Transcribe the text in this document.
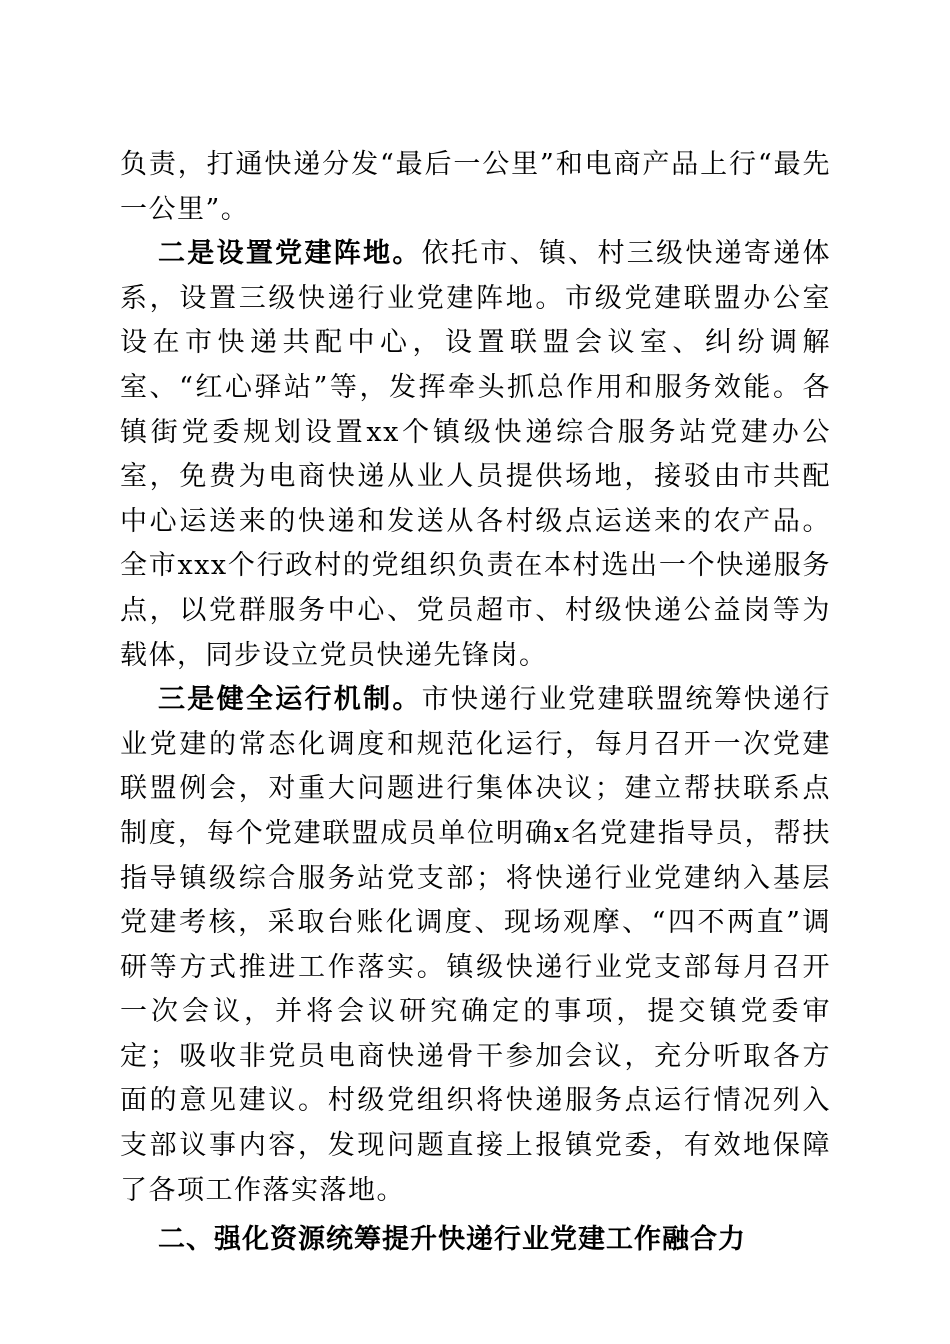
负责，打通快递分发“最后一公里”和电商产品上行“最先一公里”。

二是设置党建阵地。依托市、镇、村三级快递寄递体系，设置三级快递行业党建阵地。市级党建联盟办公室设在市快递共配中心，设置联盟会议室、纠纷调解室、“红心驿站”等，发挥牵头抓总作用和服务效能。各镇街党委规划设置xx个镇级快递综合服务站党建办公室，免费为电商快递从业人员提供场地，接驳由市共配中心运送来的快递和发送从各村级点运送来的农产品。全市xxx个行政村的党组织负责在本村选出一个快递服务点，以党群服务中心、党员超市、村级快递公益岗等为载体，同步设立党员快递先锋岗。

三是健全运行机制。市快递行业党建联盟统筹快递行业党建的常态化调度和规范化运行，每月召开一次党建联盟例会，对重大问题进行集体决议；建立帮扶联系点制度，每个党建联盟成员单位明确x名党建指导员，帮扶指导镇级综合服务站党支部；将快递行业党建纳入基层党建考核，采取台账化调度、现场观摩、“四不两直”调研等方式推进工作落实。镇级快递行业党支部每月召开一次会议，并将会议研究确定的事项，提交镇党委审定；吸收非党员电商快递骨干参加会议，充分听取各方面的意见建议。村级党组织将快递服务点运行情况列入支部议事内容，发现问题直接上报镇党委，有效地保障了各项工作落实落地。

二、强化资源统筹提升快递行业党建工作融合力
